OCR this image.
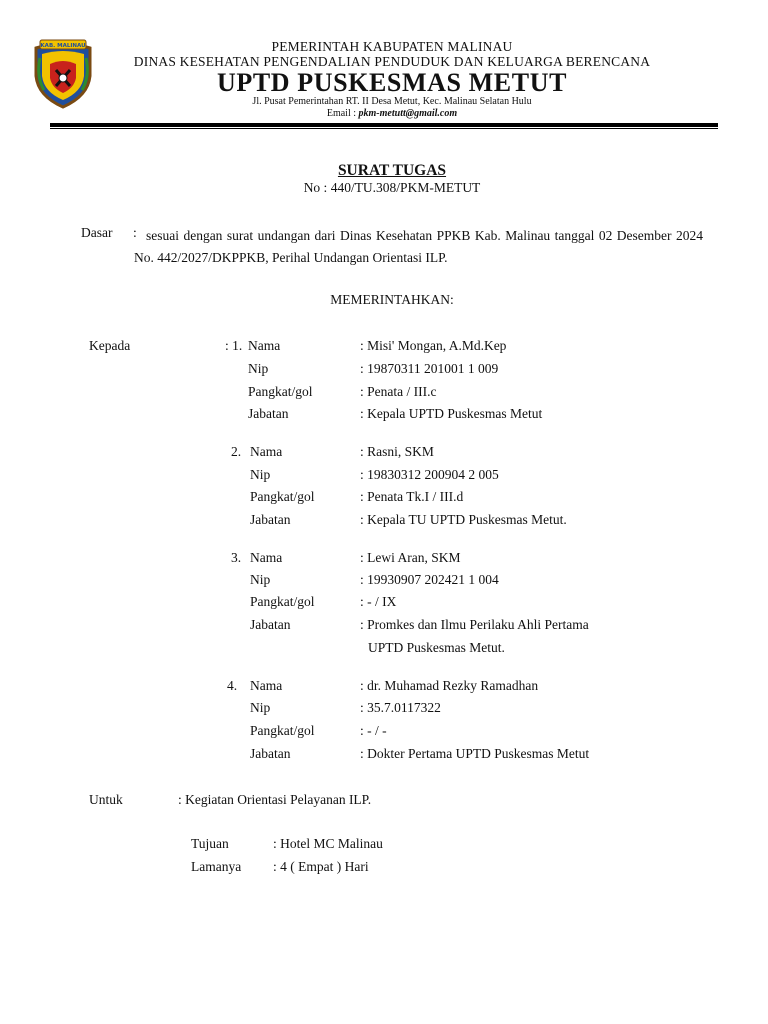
KAB. MALINAU	PEMERINTAH KABUPATEN MALINAU
DINAS KESEHATAN PENGENDALIAN PENDUDUK DAN KELUARGA BERENCANA
UPTD PUSKESMAS METUT
Jl. Pusat Pemerintahan RT. II Desa Metut, Kec. Malinau Selatan Hulu
Email : pkm-metutt@gmail.com
SURAT TUGAS
No : 440/TU.308/PKM-METUT
Dasar : sesuai dengan surat undangan dari Dinas Kesehatan PPKB Kab. Malinau tanggal 02 Desember 2024 No. 442/2027/DKPPKB, Perihal Undangan Orientasi ILP.
MEMERINTAHKAN:
Kepada	: 1. Nama	: Misi' Mongan, A.Md.Kep
Nip	: 19870311 201001 1 009
Pangkat/gol	: Penata / III.c
Jabatan	: Kepala UPTD Puskesmas Metut
2. Nama	: Rasni, SKM
Nip	: 19830312 200904 2 005
Pangkat/gol	: Penata Tk.I / III.d
Jabatan	: Kepala TU UPTD Puskesmas Metut.
3. Nama	: Lewi Aran, SKM
Nip	: 19930907 202421 1 004
Pangkat/gol	: - / IX
Jabatan	: Promkes dan Ilmu Perilaku Ahli Pertama
UPTD Puskesmas Metut.
4. Nama	: dr. Muhamad Rezky Ramadhan
Nip	: 35.7.0117322
Pangkat/gol	: - / -
Jabatan	: Dokter Pertama UPTD Puskesmas Metut
Untuk	: Kegiatan Orientasi Pelayanan ILP.
Tujuan	: Hotel MC Malinau
Lamanya : 4 ( Empat ) Hari
